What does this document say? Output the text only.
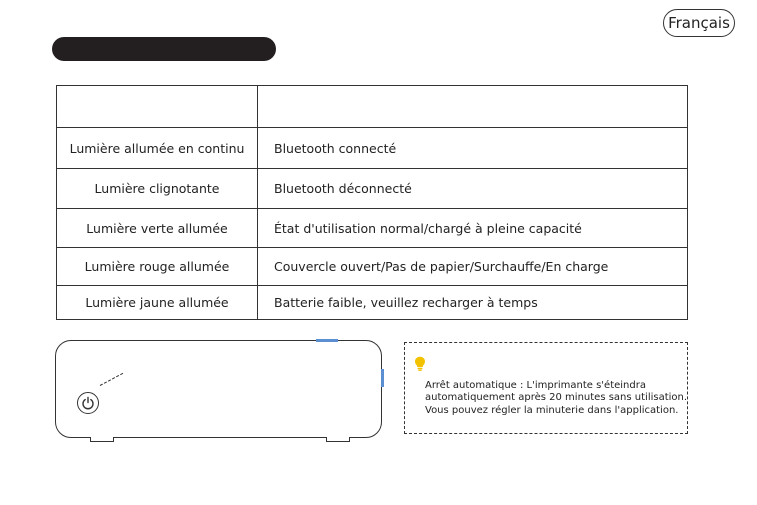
Français
Lumière allumée en continu	Bluetooth connecté
Lumière clignotante	Bluetooth déconnecté
Lumière verte allumée	État d'utilisation normal/chargé à pleine capacité
Lumière rouge allumée	Couvercle ouvert/Pas de papier/Surchauffe/En charge
Lumière jaune allumée	Batterie faible, veuillez recharger à temps
Arrêt automatique : L'imprimante s'éteindra
automatiquement après 20 minutes sans utilisation.
Vous pouvez régler la minuterie dans l'application.
